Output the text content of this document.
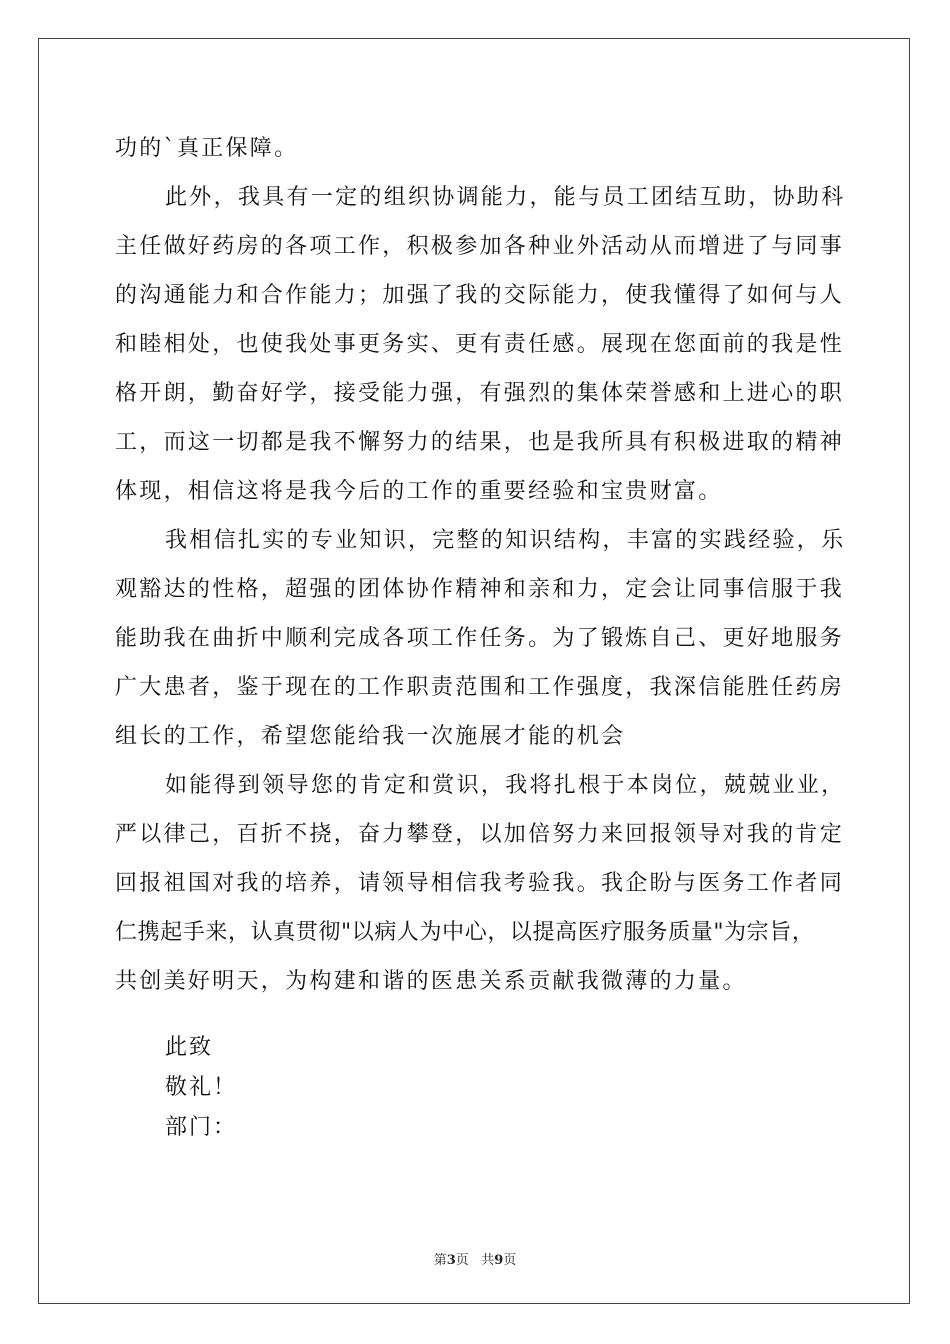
功的`真正保障。
此外，我具有一定的组织协调能力，能与员工团结互助，协助科
主任做好药房的各项工作，积极参加各种业外活动从而增进了与同事
的沟通能力和合作能力；加强了我的交际能力，使我懂得了如何与人
和睦相处，也使我处事更务实、更有责任感。展现在您面前的我是性
格开朗，勤奋好学，接受能力强，有强烈的集体荣誉感和上进心的职
工，而这一切都是我不懈努力的结果，也是我所具有积极进取的精神
体现，相信这将是我今后的工作的重要经验和宝贵财富。
我相信扎实的专业知识，完整的知识结构，丰富的实践经验，乐
观豁达的性格，超强的团体协作精神和亲和力，定会让同事信服于我
能助我在曲折中顺利完成各项工作任务。为了锻炼自己、更好地服务
广大患者，鉴于现在的工作职责范围和工作强度，我深信能胜任药房
组长的工作，希望您能给我一次施展才能的机会
如能得到领导您的肯定和赏识，我将扎根于本岗位，兢兢业业，
严以律己，百折不挠，奋力攀登，以加倍努力来回报领导对我的肯定
回报祖国对我的培养，请领导相信我考验我。我企盼与医务工作者同
仁携起手来，认真贯彻"以病人为中心，以提高医疗服务质量"为宗旨，
共创美好明天，为构建和谐的医患关系贡献我微薄的力量。
此致
敬礼！
部门：
第3页 共9页
